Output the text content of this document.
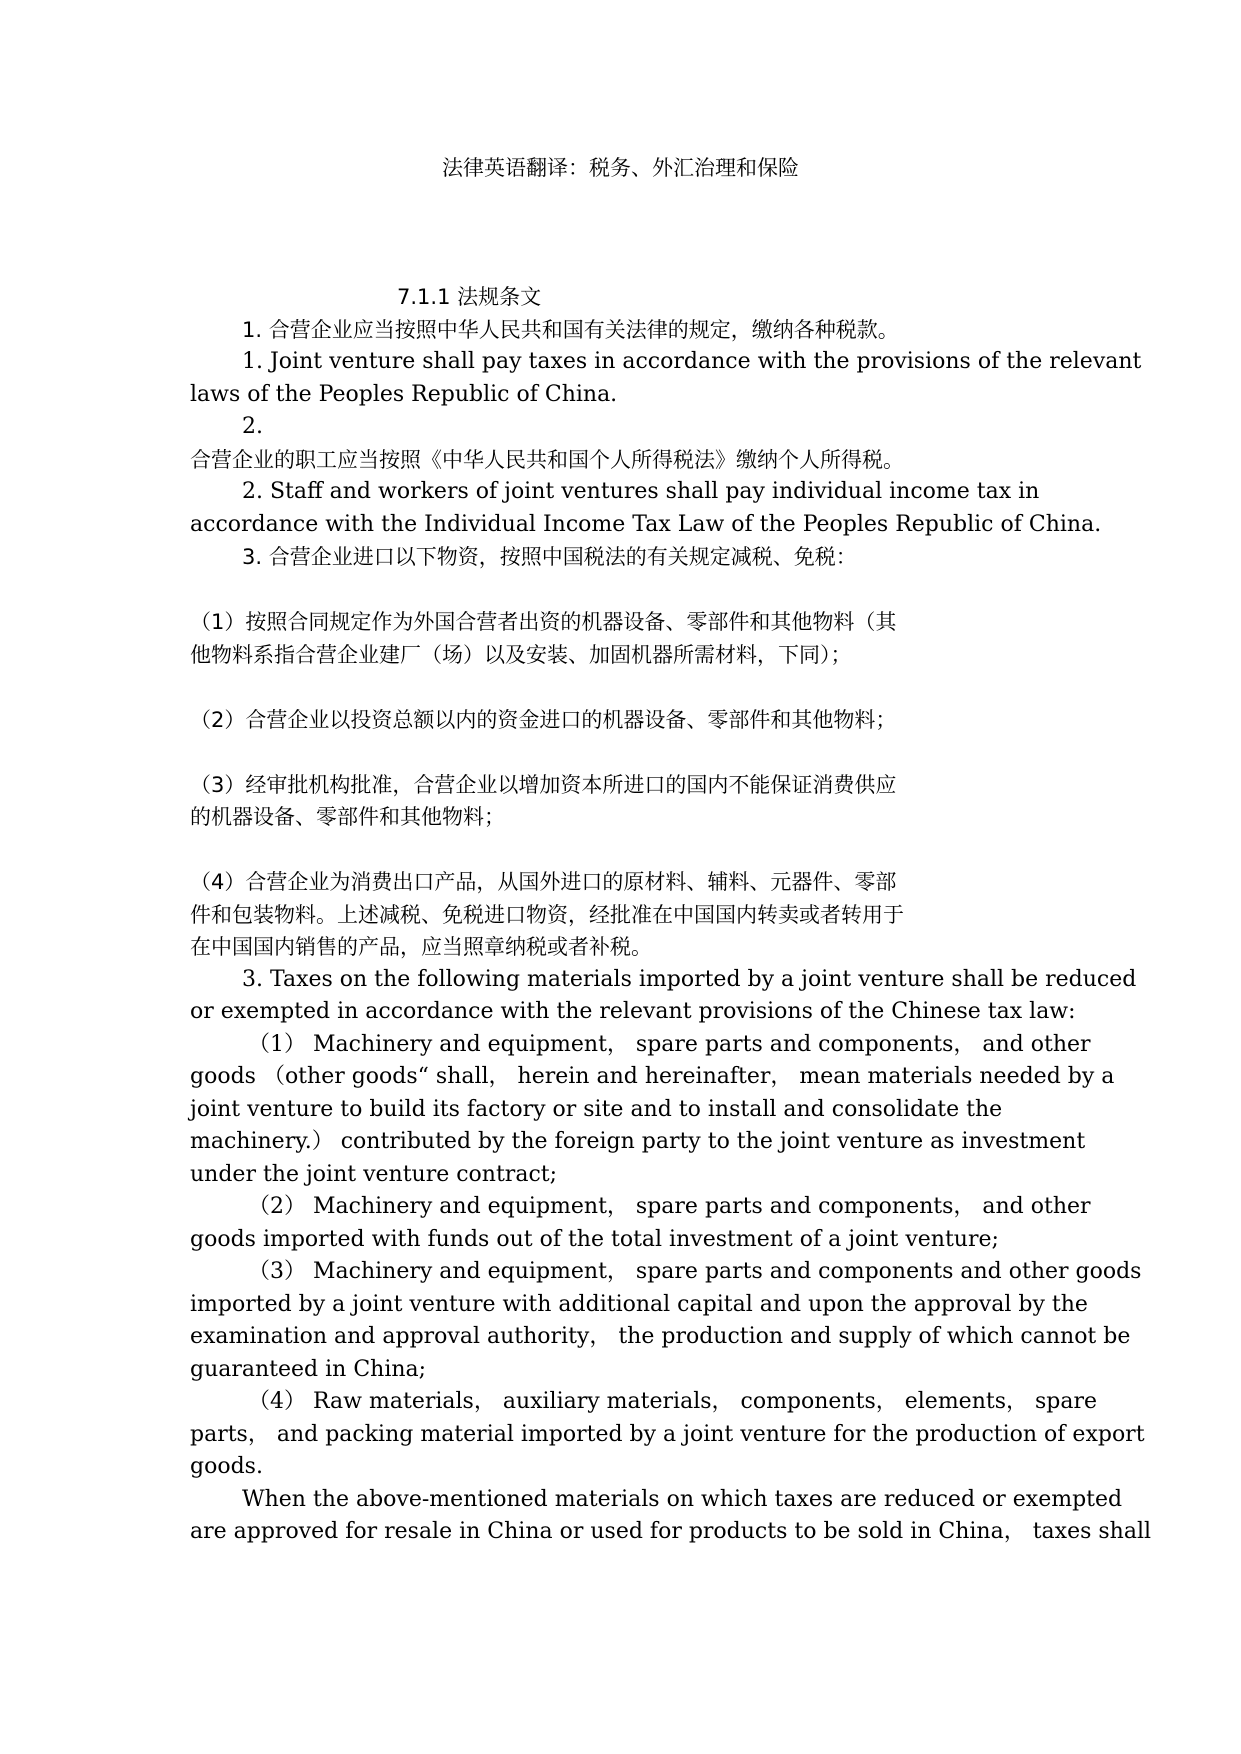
法律英语翻译：税务、外汇治理和保险
7.1.1 法规条文
1. 合营企业应当按照中华人民共和国有关法律的规定，缴纳各种税款。
1. Joint venture shall pay taxes in accordance with the provisions of the relevant
laws of the Peoples Republic of China.
2.
合营企业的职工应当按照《中华人民共和国个人所得税法》缴纳个人所得税。
2. Staff and workers of joint ventures shall pay individual income tax in
accordance with the Individual Income Tax Law of the Peoples Republic of China.
3. 合营企业进口以下物资，按照中国税法的有关规定减税、免税：
（1）按照合同规定作为外国合营者出资的机器设备、零部件和其他物料（其
他物料系指合营企业建厂（场）以及安装、加固机器所需材料，下同）；
（2）合营企业以投资总额以内的资金进口的机器设备、零部件和其他物料；
（3）经审批机构批准，合营企业以增加资本所进口的国内不能保证消费供应
的机器设备、零部件和其他物料；
（4）合营企业为消费出口产品，从国外进口的原材料、辅料、元器件、零部
件和包装物料。上述减税、免税进口物资，经批准在中国国内转卖或者转用于
在中国国内销售的产品，应当照章纳税或者补税。
3. Taxes on the following materials imported by a joint venture shall be reduced
or exempted in accordance with the relevant provisions of the Chinese tax law:
（1） Machinery and equipment， spare parts and components， and other
goods （other goods“ shall， herein and hereinafter， mean materials needed by a
joint venture to build its factory or site and to install and consolidate the
machinery.） contributed by the foreign party to the joint venture as investment
under the joint venture contract;
（2） Machinery and equipment， spare parts and components， and other
goods imported with funds out of the total investment of a joint venture;
（3） Machinery and equipment， spare parts and components and other goods
imported by a joint venture with additional capital and upon the approval by the
examination and approval authority， the production and supply of which cannot be
guaranteed in China;
（4） Raw materials， auxiliary materials， components， elements， spare
parts， and packing material imported by a joint venture for the production of export
goods.
When the above-mentioned materials on which taxes are reduced or exempted
are approved for resale in China or used for products to be sold in China， taxes shall
